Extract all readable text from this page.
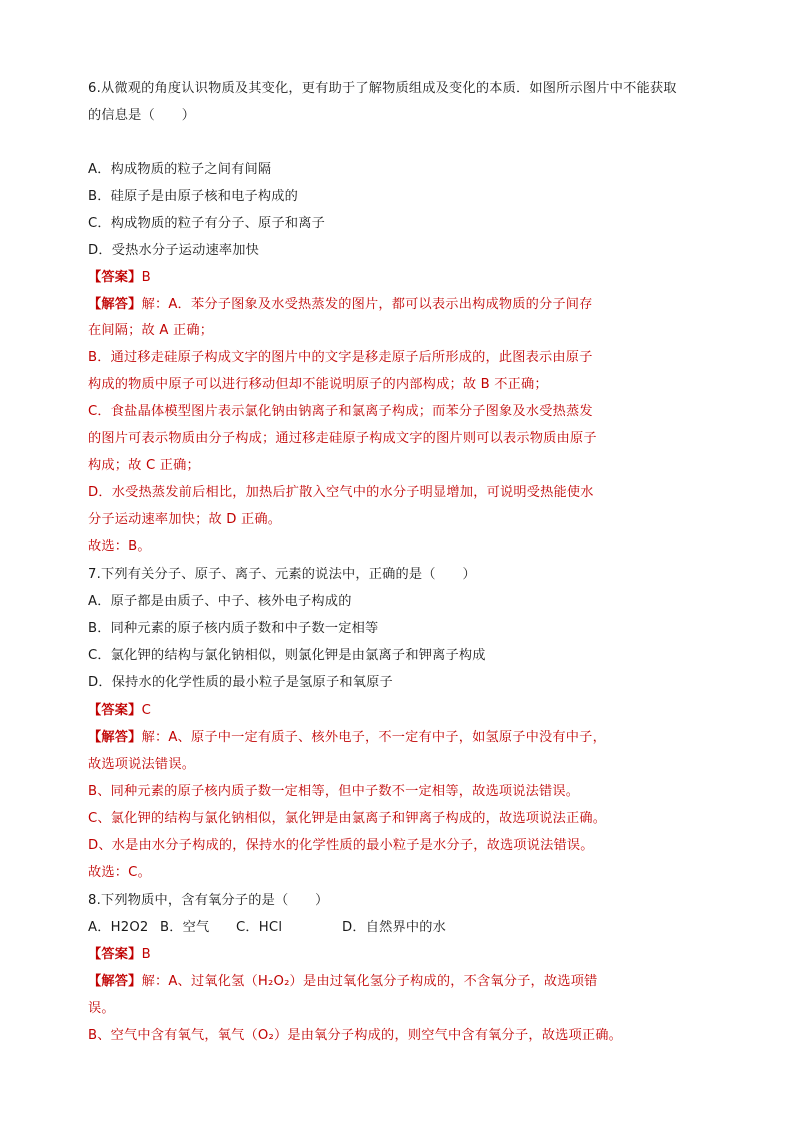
6.从微观的角度认识物质及其变化，更有助于了解物质组成及变化的本质．如图所示图片中不能获取
的信息是（　　）
A．构成物质的粒子之间有间隔
B．硅原子是由原子核和电子构成的
C．构成物质的粒子有分子、原子和离子
D．受热水分子运动速率加快
【答案】B
【解答】解：A．苯分子图象及水受热蒸发的图片，都可以表示出构成物质的分子间存
在间隔；故 A 正确；
B．通过移走硅原子构成文字的图片中的文字是移走原子后所形成的，此图表示由原子
构成的物质中原子可以进行移动但却不能说明原子的内部构成；故 B 不正确；
C．食盐晶体模型图片表示氯化钠由钠离子和氯离子构成；而苯分子图象及水受热蒸发
的图片可表示物质由分子构成；通过移走硅原子构成文字的图片则可以表示物质由原子
构成；故 C 正确；
D．水受热蒸发前后相比，加热后扩散入空气中的水分子明显增加，可说明受热能使水
分子运动速率加快；故 D 正确。
故选：B。
7.下列有关分子、原子、离子、元素的说法中，正确的是（　　）
A．原子都是由质子、中子、核外电子构成的
B．同种元素的原子核内质子数和中子数一定相等
C．氯化钾的结构与氯化钠相似，则氯化钾是由氯离子和钾离子构成
D．保持水的化学性质的最小粒子是氢原子和氧原子
【答案】C
【解答】解：A、原子中一定有质子、核外电子，不一定有中子，如氢原子中没有中子，
故选项说法错误。
B、同种元素的原子核内质子数一定相等，但中子数不一定相等，故选项说法错误。
C、氯化钾的结构与氯化钠相似，氯化钾是由氯离子和钾离子构成的，故选项说法正确。
D、水是由水分子构成的，保持水的化学性质的最小粒子是水分子，故选项说法错误。
故选：C。
8.下列物质中，含有氧分子的是（　　）
A．H2O2 B．空气 C．HCl	D．自然界中的水
【答案】B
【解答】解：A、过氧化氢（H₂O₂）是由过氧化氢分子构成的，不含氧分子，故选项错
误。
B、空气中含有氧气，氧气（O₂）是由氧分子构成的，则空气中含有氧分子，故选项正确。
